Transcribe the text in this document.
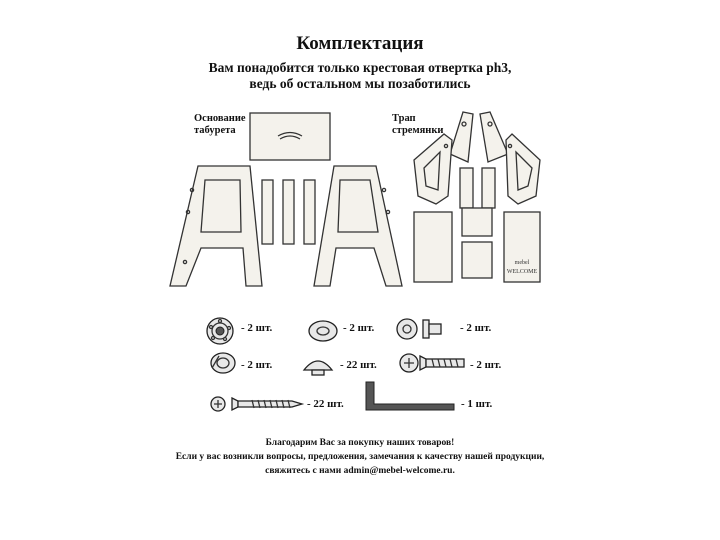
Комплектация
Вам понадобится только крестовая отвертка ph3,
ведь об остальном мы позаботились
Основание
табурета
Трап
стремянки
mebel
WELCOME
- 2 шт.	- 2 шт.	- 2 шт.
- 2 шт.	- 22 шт.	- 2 шт.
- 22 шт.	- 1 шт.
Благодарим Вас за покупку наших товаров!
Если у вас возникли вопросы, предложения, замечания к качеству нашей продукции,
свяжитесь с нами admin@mebel-welcome.ru.
